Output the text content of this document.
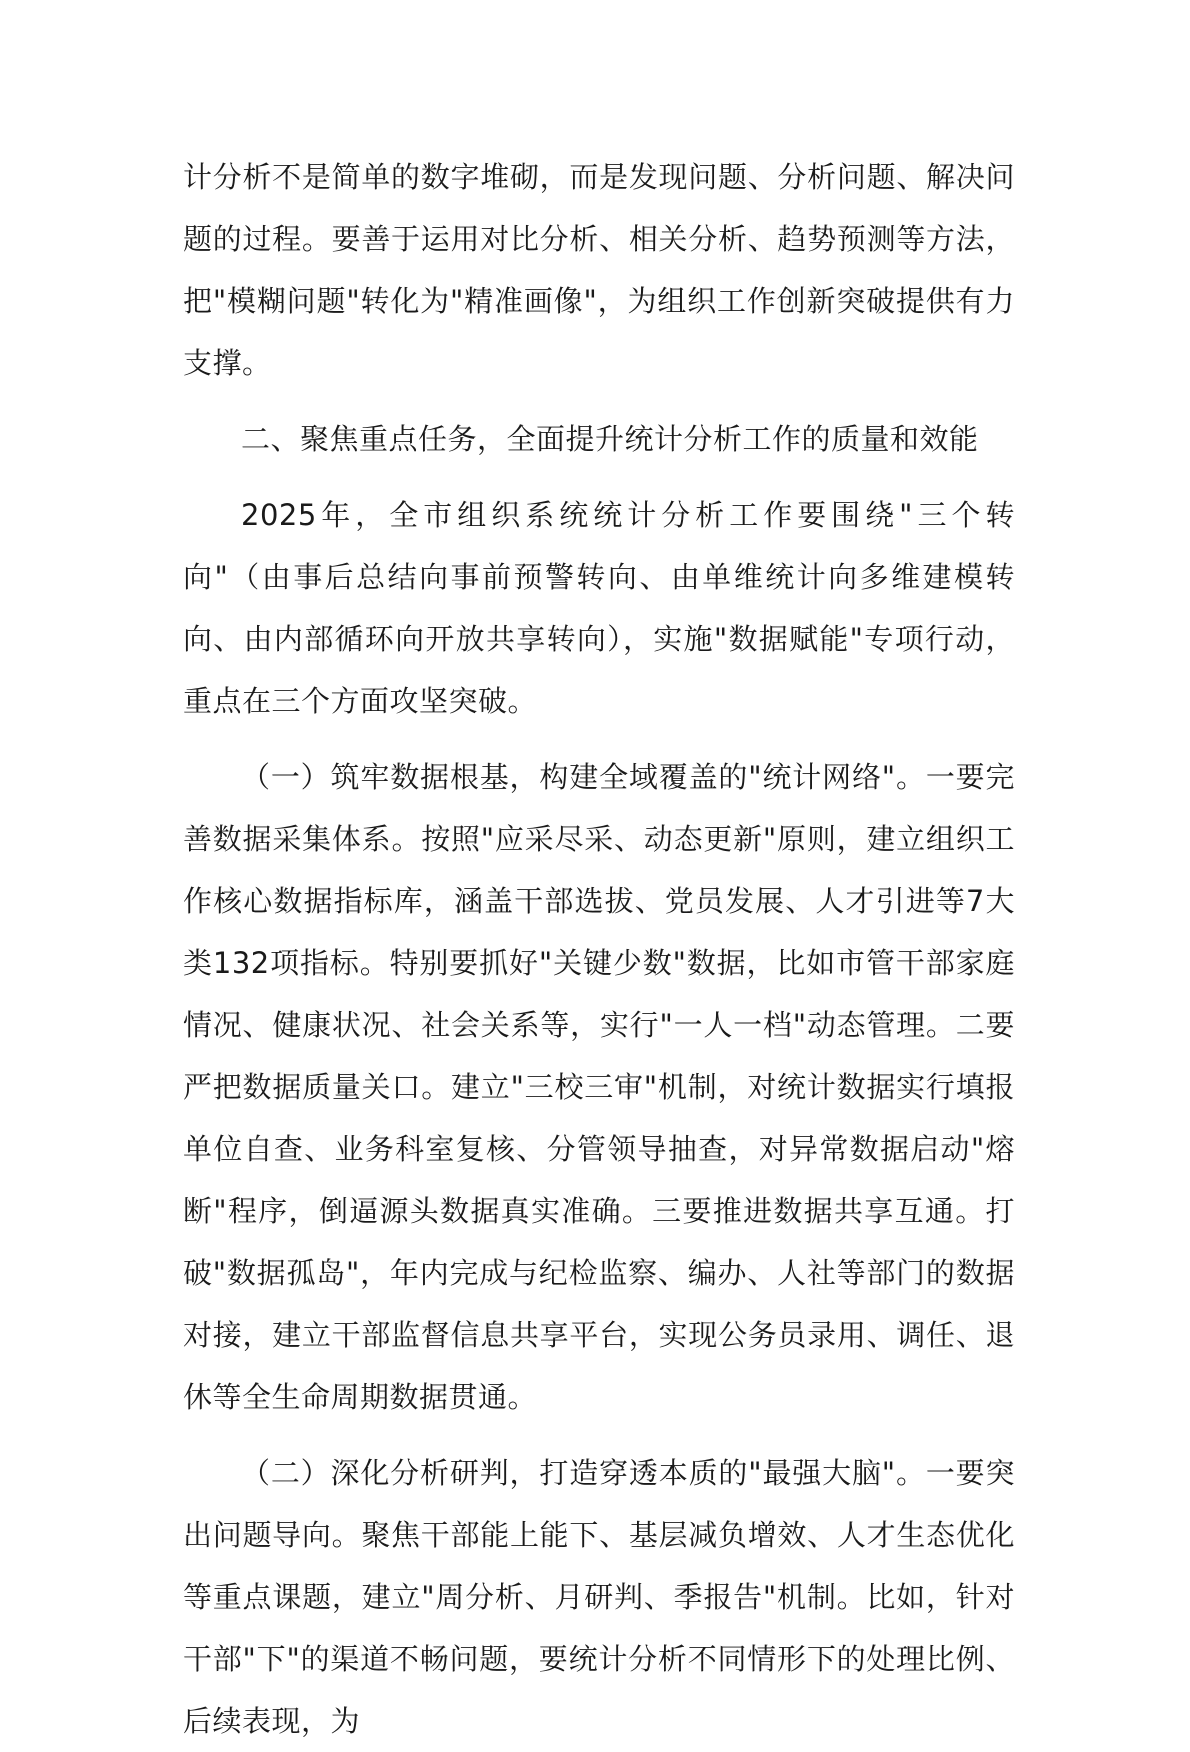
计分析不是简单的数字堆砌，而是发现问题、分析问题、解决问题的过程。要善于运用对比分析、相关分析、趋势预测等方法，把"模糊问题"转化为"精准画像"，为组织工作创新突破提供有力支撑。

二、聚焦重点任务，全面提升统计分析工作的质量和效能

2025年，全市组织系统统计分析工作要围绕"三个转向"（由事后总结向事前预警转向、由单维统计向多维建模转向、由内部循环向开放共享转向），实施"数据赋能"专项行动，重点在三个方面攻坚突破。

（一）筑牢数据根基，构建全域覆盖的"统计网络"。一要完善数据采集体系。按照"应采尽采、动态更新"原则，建立组织工作核心数据指标库，涵盖干部选拔、党员发展、人才引进等7大类132项指标。特别要抓好"关键少数"数据，比如市管干部家庭情况、健康状况、社会关系等，实行"一人一档"动态管理。二要严把数据质量关口。建立"三校三审"机制，对统计数据实行填报单位自查、业务科室复核、分管领导抽查，对异常数据启动"熔断"程序，倒逼源头数据真实准确。三要推进数据共享互通。打破"数据孤岛"，年内完成与纪检监察、编办、人社等部门的数据对接，建立干部监督信息共享平台，实现公务员录用、调任、退休等全生命周期数据贯通。

（二）深化分析研判，打造穿透本质的"最强大脑"。一要突出问题导向。聚焦干部能上能下、基层减负增效、人才生态优化等重点课题，建立"周分析、月研判、季报告"机制。比如，针对干部"下"的渠道不畅问题，要统计分析不同情形下的处理比例、后续表现，为
